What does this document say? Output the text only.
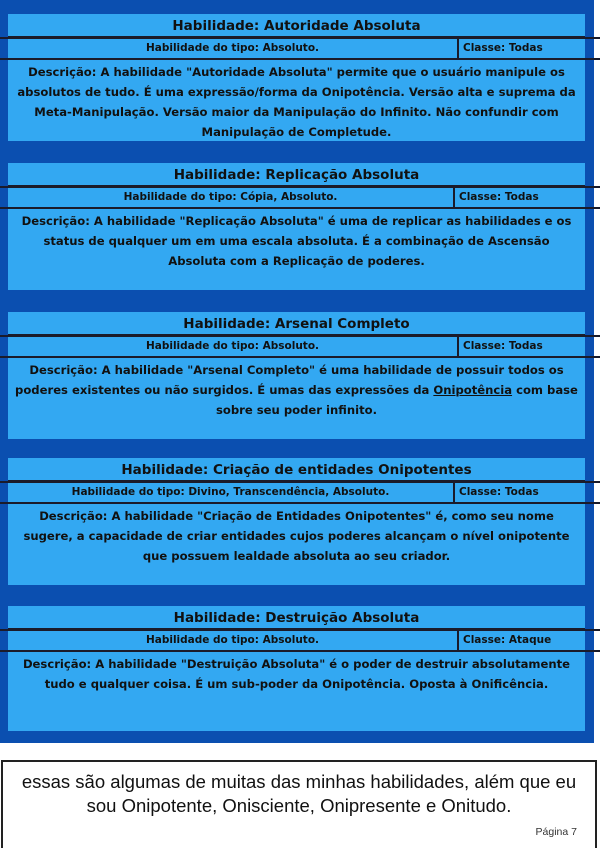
Habilidade: Autoridade Absoluta
Habilidade do tipo: Absoluto.	Classe: Todas
Descrição: A habilidade "Autoridade Absoluta" permite que o usuário manipule os absolutos de tudo. É uma expressão/forma da Onipotência. Versão alta e suprema da Meta-Manipulação. Versão maior da Manipulação do Infinito. Não confundir com Manipulação de Completude.
Habilidade: Replicação Absoluta
Habilidade do tipo: Cópia, Absoluto.	Classe: Todas
Descrição: A habilidade "Replicação Absoluta" é uma de replicar as habilidades e os status de qualquer um em uma escala absoluta. É a combinação de Ascensão Absoluta com a Replicação de poderes.
Habilidade: Arsenal Completo
Habilidade do tipo: Absoluto.	Classe: Todas
Descrição: A habilidade "Arsenal Completo" é uma habilidade de possuir todos os poderes existentes ou não surgidos. É umas das expressões da Onipotência com base sobre seu poder infinito.
Habilidade: Criação de entidades Onipotentes
Habilidade do tipo: Divino, Transcendência, Absoluto.	Classe: Todas
Descrição: A habilidade "Criação de Entidades Onipotentes" é, como seu nome sugere, a capacidade de criar entidades cujos poderes alcançam o nível onipotente que possuem lealdade absoluta ao seu criador.
Habilidade: Destruição Absoluta
Habilidade do tipo: Absoluto.	Classe: Ataque
Descrição: A habilidade "Destruição Absoluta" é o poder de destruir absolutamente tudo e qualquer coisa. É um sub-poder da Onipotência. Oposta à Onificência.
essas são algumas de muitas das minhas habilidades, além que eu sou Onipotente, Onisciente, Onipresente e Onitudo.
Página 7
